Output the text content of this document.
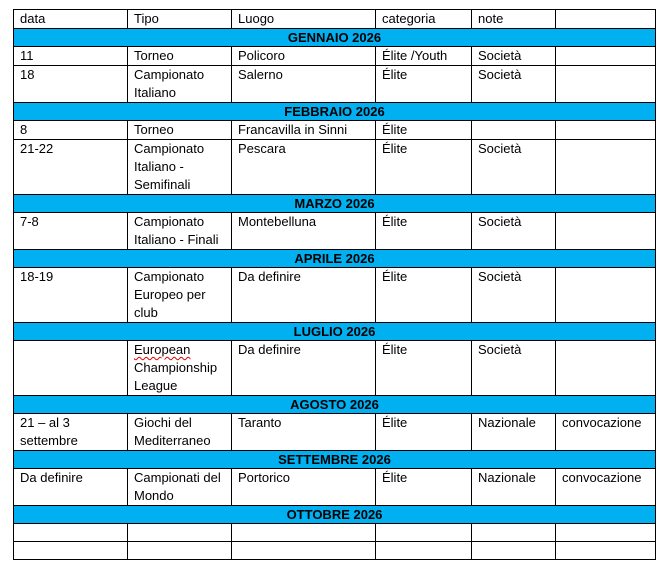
data	Tipo	Luogo	categoria	note	
GENNAIO 2026					
11	Torneo	Policoro	Élite /Youth	Società	
18	Campionato Italiano	Salerno	Élite	Società	
FEBBRAIO 2026					
8	Torneo	Francavilla in Sinni	Élite		
21-22	Campionato Italiano - Semifinali	Pescara	Élite	Società	
MARZO 2026					
7-8	Campionato Italiano - Finali	Montebelluna	Élite	Società	
APRILE 2026					
18-19	Campionato Europeo per club	Da definire	Élite	Società	
LUGLIO 2026					
	European Championship League	Da definire	Élite	Società	
AGOSTO 2026					
21 – al 3 settembre	Giochi del Mediterraneo	Taranto	Élite	Nazionale	convocazione
SETTEMBRE 2026					
Da definire	Campionati del Mondo	Portorico	Élite	Nazionale	convocazione
OTTOBRE 2026					
